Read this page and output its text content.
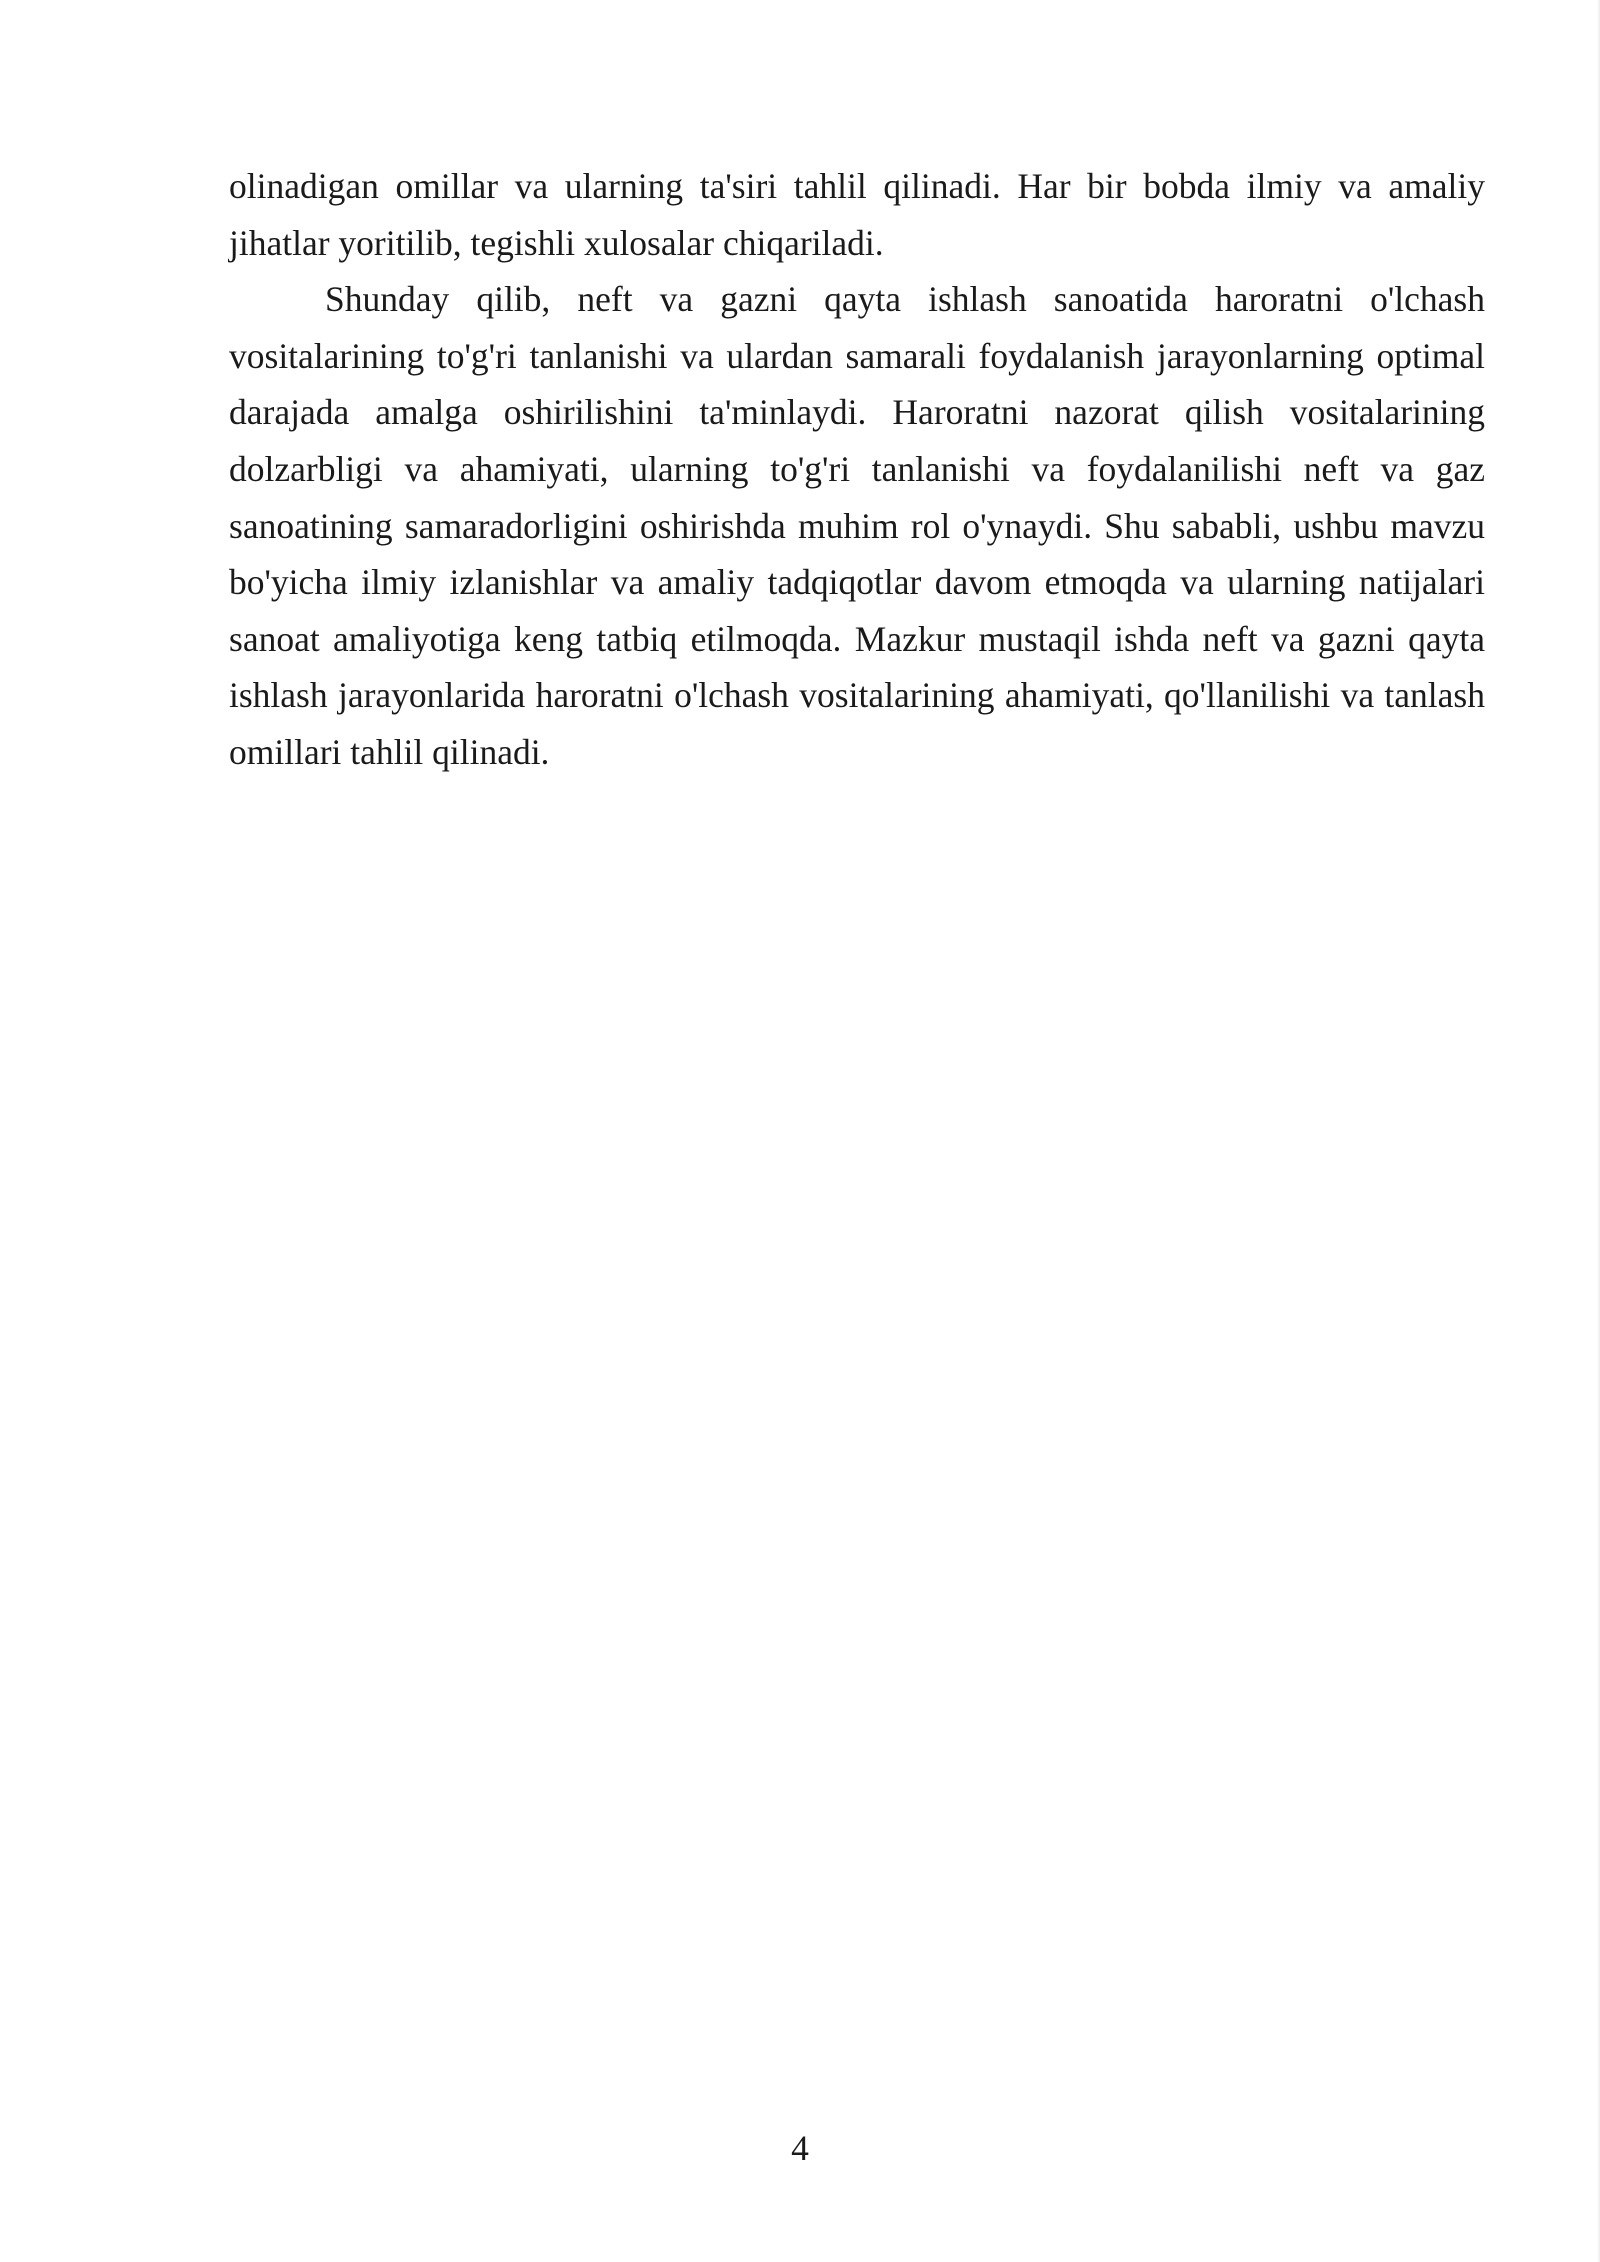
olinadigan omillar va ularning ta'siri tahlil qilinadi. Har bir bobda ilmiy va amaliy jihatlar yoritilib, tegishli xulosalar chiqariladi.

Shunday qilib, neft va gazni qayta ishlash sanoatida haroratni o'lchash vositalarining to'g'ri tanlanishi va ulardan samarali foydalanish jarayonlarning optimal darajada amalga oshirilishini ta'minlaydi. Haroratni nazorat qilish vositalarining dolzarbligi va ahamiyati, ularning to'g'ri tanlanishi va foydalanilishi neft va gaz sanoatining samaradorligini oshirishda muhim rol o'ynaydi. Shu sababli, ushbu mavzu bo'yicha ilmiy izlanishlar va amaliy tadqiqotlar davom etmoqda va ularning natijalari sanoat amaliyotiga keng tatbiq etilmoqda. Mazkur mustaqil ishda neft va gazni qayta ishlash jarayonlarida haroratni o'lchash vositalarining ahamiyati, qo'llanilishi va tanlash omillari tahlil qilinadi.

4
